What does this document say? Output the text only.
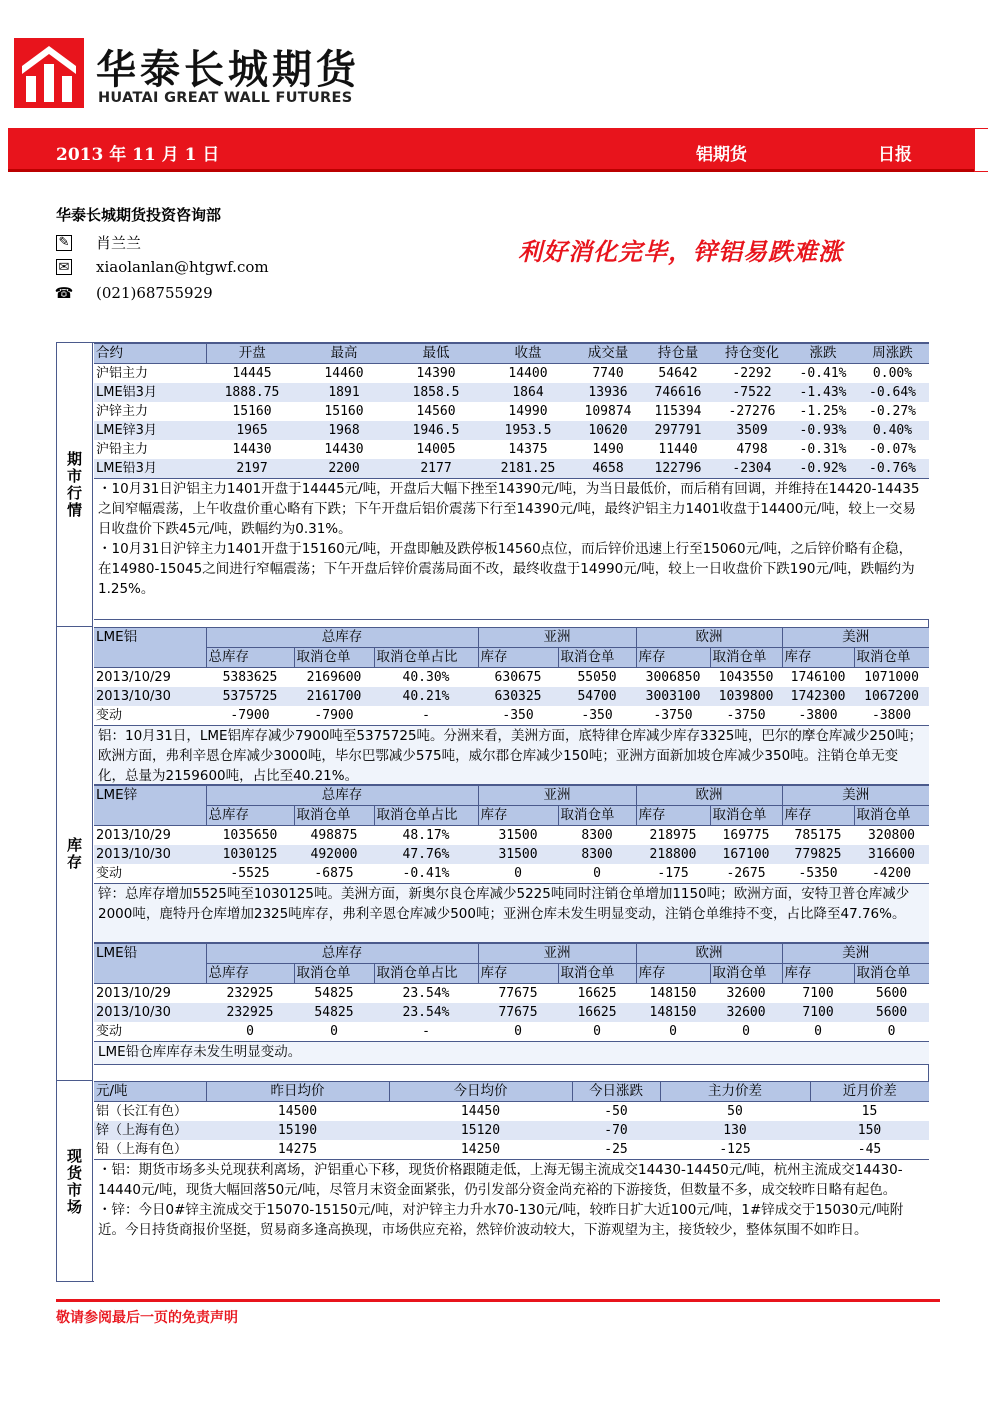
华泰长城期货
HUATAI GREAT WALL FUTURES
2013 年 11 月 1 日	铝期货	日报
华泰长城期货投资咨询部
✎ 肖兰兰
✉ xiaolanlan@htgwf.com
☎ (021)68755929
利好消化完毕，锌铝易跌难涨
期市行情
合约	开盘	最高	最低	收盘	成交量	持仓量	持仓变化	涨跌	周涨跌
沪铝主力	14445	14460	14390	14400	7740	54642	-2292	-0.41%	0.00%
LME铝3月	1888.75	1891	1858.5	1864	13936	746616	-7522	-1.43%	-0.64%
沪锌主力	15160	15160	14560	14990	109874	115394	-27276	-1.25%	-0.27%
LME锌3月	1965	1968	1946.5	1953.5	10620	297791	3509	-0.93%	0.40%
沪铅主力	14430	14430	14005	14375	1490	11440	4798	-0.31%	-0.07%
LME铅3月	2197	2200	2177	2181.25	4658	122796	-2304	-0.92%	-0.76%

・10月31日沪铝主力1401开盘于14445元/吨，开盘后大幅下挫至14390元/吨，为当日最低价，而后稍有回调，并维持在14420-14435之间窄幅震荡，上午收盘价重心略有下跌；下午开盘后铝价震荡下行至14390元/吨，最终沪铝主力1401收盘于14400元/吨，较上一交易日收盘价下跌45元/吨，跌幅约为0.31%。

・10月31日沪锌主力1401开盘于15160元/吨，开盘即触及跌停板14560点位，而后锌价迅速上行至15060元/吨，之后锌价略有企稳，在14980-15045之间进行窄幅震荡；下午开盘后锌价震荡局面不改，最终收盘于14990元/吨，较上一日收盘价下跌190元/吨，跌幅约为1.25%。

库存
LME铝	总库存			亚洲		欧洲		美洲	
	总库存	取消仓单	取消仓单占比	库存	取消仓单	库存	取消仓单	库存	取消仓单
2013/10/29	5383625	2169600	40.30%	630675	55050	3006850	1043550	1746100	1071000
2013/10/30	5375725	2161700	40.21%	630325	54700	3003100	1039800	1742300	1067200
变动	-7900	-7900	-	-350	-350	-3750	-3750	-3800	-3800
铝：10月31日，LME铝库存减少7900吨至5375725吨。分洲来看，美洲方面，底特律仓库减少库存3325吨，巴尔的摩仓库减少250吨；欧洲方面，弗利辛恩仓库减少3000吨，毕尔巴鄂减少575吨，威尔郡仓库减少150吨；亚洲方面新加坡仓库减少350吨。注销仓单无变化，总量为2159600吨，占比至40.21%。
LME锌	总库存			亚洲		欧洲		美洲	
	总库存	取消仓单	取消仓单占比	库存	取消仓单	库存	取消仓单	库存	取消仓单
2013/10/29	1035650	498875	48.17%	31500	8300	218975	169775	785175	320800
2013/10/30	1030125	492000	47.76%	31500	8300	218800	167100	779825	316600
变动	-5525	-6875	-0.41%	0	0	-175	-2675	-5350	-4200
锌：总库存增加5525吨至1030125吨。美洲方面，新奥尔良仓库减少5225吨同时注销仓单增加1150吨；欧洲方面，安特卫普仓库减少2000吨，鹿特丹仓库增加2325吨库存，弗利辛恩仓库减少500吨；亚洲仓库未发生明显变动，注销仓单维持不变，占比降至47.76%。
LME铅	总库存			亚洲		欧洲		美洲	
	总库存	取消仓单	取消仓单占比	库存	取消仓单	库存	取消仓单	库存	取消仓单
2013/10/29	232925	54825	23.54%	77675	16625	148150	32600	7100	5600
2013/10/30	232925	54825	23.54%	77675	16625	148150	32600	7100	5600
变动	0	0	-	0	0	0	0	0	0
LME铅仓库库存未发生明显变动。
现货市场
元/吨	昨日均价	今日均价	今日涨跌	主力价差	近月价差
铝（长江有色）	14500	14450	-50	50	15
锌（上海有色）	15190	15120	-70	130	150
铅（上海有色）	14275	14250	-25	-125	-45

・铝：期货市场多头兑现获利离场，沪铝重心下移，现货价格跟随走低，上海无锡主流成交14430-14450元/吨，杭州主流成交14430-14440元/吨，现货大幅回落50元/吨，尽管月末资金面紧张，仍引发部分资金尚充裕的下游接货，但数量不多，成交较昨日略有起色。

・锌：今日0#锌主流成交于15070-15150元/吨，对沪锌主力升水70-130元/吨，较昨日扩大近100元/吨，1#锌成交于15030元/吨附近。今日持货商报价坚挺，贸易商多逢高换现，市场供应充裕，然锌价波动较大，下游观望为主，接货较少，整体氛围不如昨日。

敬请参阅最后一页的免责声明
